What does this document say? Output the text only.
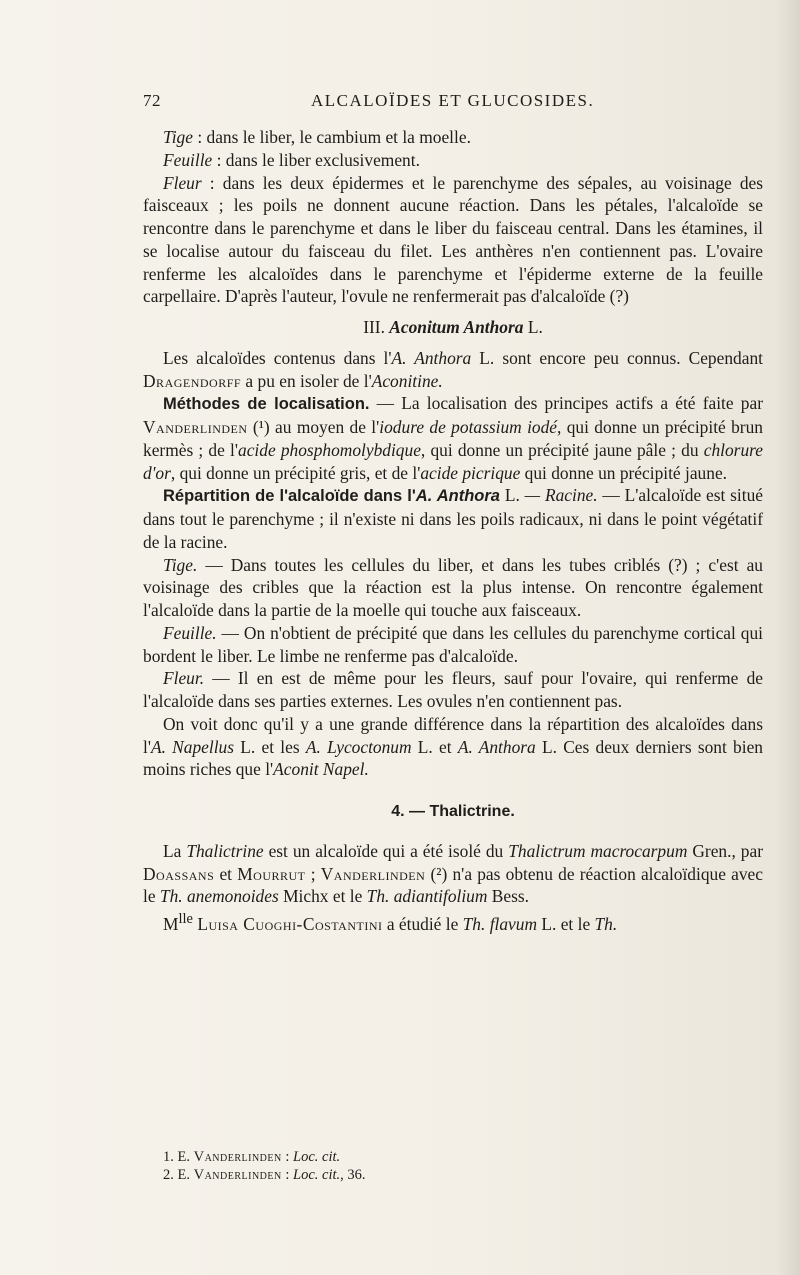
72	ALCALOÏDES ET GLUCOSIDES.

Tige : dans le liber, le cambium et la moelle.

Feuille : dans le liber exclusivement.

Fleur : dans les deux épidermes et le parenchyme des sépales, au voisinage des faisceaux ; les poils ne donnent aucune réaction. Dans les pétales, l'alcaloïde se rencontre dans le parenchyme et dans le liber du faisceau central. Dans les étamines, il se localise autour du faisceau du filet. Les anthères n'en contiennent pas. L'ovaire renferme les alcaloïdes dans le parenchyme et l'épiderme externe de la feuille carpellaire. D'après l'auteur, l'ovule ne renfermerait pas d'alcaloïde (?)

III. Aconitum Anthora L.

Les alcaloïdes contenus dans l'A. Anthora L. sont encore peu connus. Cependant Dragendorff a pu en isoler de l'Aconitine.

Méthodes de localisation. — La localisation des principes actifs a été faite par Vanderlinden (¹) au moyen de l'iodure de potassium iodé, qui donne un précipité brun kermès ; de l'acide phosphomolybdique, qui donne un précipité jaune pâle ; du chlorure d'or, qui donne un précipité gris, et de l'acide picrique qui donne un précipité jaune.

Répartition de l'alcaloïde dans l'A. Anthora L. — Racine. — L'alcaloïde est situé dans tout le parenchyme ; il n'existe ni dans les poils radicaux, ni dans le point végétatif de la racine.

Tige. — Dans toutes les cellules du liber, et dans les tubes criblés (?) ; c'est au voisinage des cribles que la réaction est la plus intense. On rencontre également l'alcaloïde dans la partie de la moelle qui touche aux faisceaux.

Feuille. — On n'obtient de précipité que dans les cellules du parenchyme cortical qui bordent le liber. Le limbe ne renferme pas d'alcaloïde.

Fleur. — Il en est de même pour les fleurs, sauf pour l'ovaire, qui renferme de l'alcaloïde dans ses parties externes. Les ovules n'en contiennent pas.

On voit donc qu'il y a une grande différence dans la répartition des alcaloïdes dans l'A. Napellus L. et les A. Lycoctonum L. et A. Anthora L. Ces deux derniers sont bien moins riches que l'Aconit Napel.

4. — Thalictrine.

La Thalictrine est un alcaloïde qui a été isolé du Thalictrum macrocarpum Gren., par Doassans et Mourrut ; Vanderlinden (²) n'a pas obtenu de réaction alcaloïdique avec le Th. anemonoides Michx et le Th. adiantifolium Bess.

$M^{lle}$ Luisa Cuoghi-Costantini a étudié le Th. flavum L. et le Th.

1. E. Vanderlinden : Loc. cit.

2. E. Vanderlinden : Loc. cit., 36.
